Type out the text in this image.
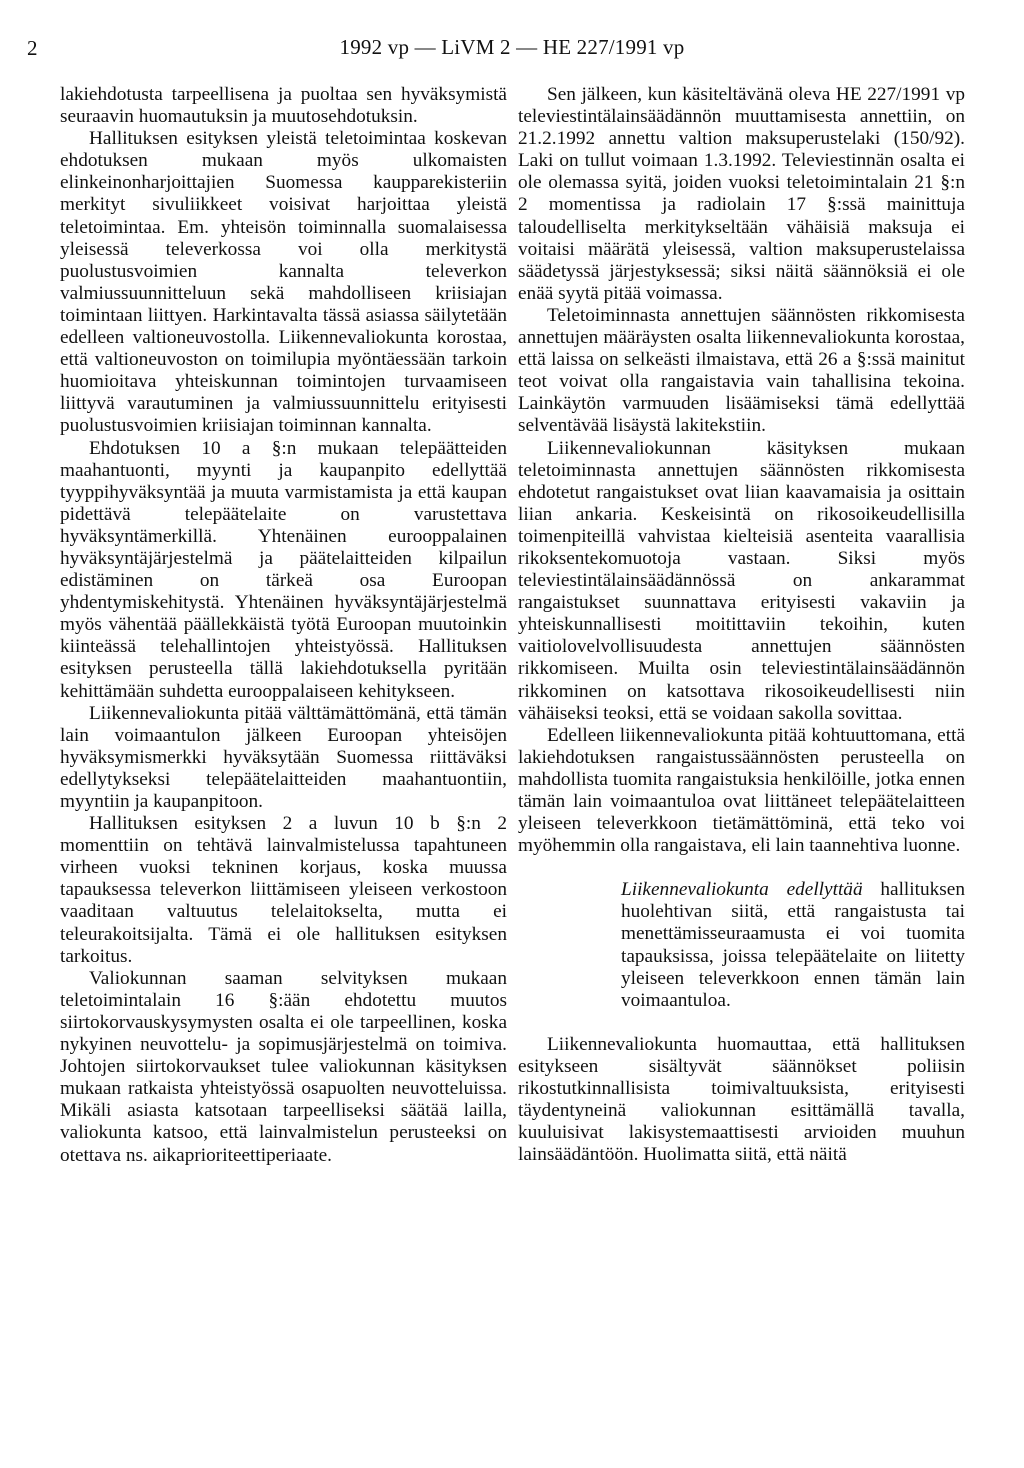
2	1992 vp — LiVM 2 — HE 227/1991 vp

lakiehdotusta tarpeellisena ja puoltaa sen hyväksymistä seuraavin huomautuksin ja muutosehdotuksin.

Hallituksen esityksen yleistä teletoimintaa koskevan ehdotuksen mukaan myös ulkomaisten elinkeinonharjoittajien Suomessa kaupparekisteriin merkityt sivuliikkeet voisivat harjoittaa yleistä teletoimintaa. Em. yhteisön toiminnalla suomalaisessa yleisessä televerkossa voi olla merkitystä puolustusvoimien kannalta televerkon valmiussuunnitteluun sekä mahdolliseen kriisiajan toimintaan liittyen. Harkintavalta tässä asiassa säilytetään edelleen valtioneuvostolla. Liikennevaliokunta korostaa, että valtioneuvoston on toimilupia myöntäessään tarkoin huomioitava yhteiskunnan toimintojen turvaamiseen liittyvä varautuminen ja valmiussuunnittelu erityisesti puolustusvoimien kriisiajan toiminnan kannalta.

Ehdotuksen 10 a §:n mukaan telepäätteiden maahantuonti, myynti ja kaupanpito edellyttää tyyppihyväksyntää ja muuta varmistamista ja että kaupan pidettävä telepäätelaite on varustettava hyväksyntämerkillä. Yhtenäinen eurooppalainen hyväksyntäjärjestelmä ja päätelaitteiden kilpailun edistäminen on tärkeä osa Euroopan yhdentymiskehitystä. Yhtenäinen hyväksyntäjärjestelmä myös vähentää päällekkäistä työtä Euroopan muutoinkin kiinteässä telehallintojen yhteistyössä. Hallituksen esityksen perusteella tällä lakiehdotuksella pyritään kehittämään suhdetta eurooppalaiseen kehitykseen.

Liikennevaliokunta pitää välttämättömänä, että tämän lain voimaantulon jälkeen Euroopan yhteisöjen hyväksymismerkki hyväksytään Suomessa riittäväksi edellytykseksi telepäätelaitteiden maahantuontiin, myyntiin ja kaupanpitoon.

Hallituksen esityksen 2 a luvun 10 b §:n 2 momenttiin on tehtävä lainvalmistelussa tapahtuneen virheen vuoksi tekninen korjaus, koska muussa tapauksessa televerkon liittämiseen yleiseen verkostoon vaaditaan valtuutus telelaitokselta, mutta ei teleurakoitsijalta. Tämä ei ole hallituksen esityksen tarkoitus.

Valiokunnan saaman selvityksen mukaan teletoimintalain 16 §:ään ehdotettu muutos siirtokorvauskysymysten osalta ei ole tarpeellinen, koska nykyinen neuvottelu- ja sopimusjärjestelmä on toimiva. Johtojen siirtokorvaukset tulee valiokunnan käsityksen mukaan ratkaista yhteistyössä osapuolten neuvotteluissa. Mikäli asiasta katsotaan tarpeelliseksi säätää lailla, valiokunta katsoo, että lainvalmistelun perusteeksi on otettava ns. aikaprioriteettiperiaate.

Sen jälkeen, kun käsiteltävänä oleva HE 227/1991 vp televiestintälainsäädännön muuttamisesta annettiin, on 21.2.1992 annettu valtion maksuperustelaki (150/92). Laki on tullut voimaan 1.3.1992. Televiestinnän osalta ei ole olemassa syitä, joiden vuoksi teletoimintalain 21 §:n 2 momentissa ja radiolain 17 §:ssä mainittuja taloudelliselta merkitykseltään vähäisiä maksuja ei voitaisi määrätä yleisessä, valtion maksuperustelaissa säädetyssä järjestyksessä; siksi näitä säännöksiä ei ole enää syytä pitää voimassa.

Teletoiminnasta annettujen säännösten rikkomisesta annettujen määräysten osalta liikennevaliokunta korostaa, että laissa on selkeästi ilmaistava, että 26 a §:ssä mainitut teot voivat olla rangaistavia vain tahallisina tekoina. Lainkäytön varmuuden lisäämiseksi tämä edellyttää selventävää lisäystä lakitekstiin.

Liikennevaliokunnan käsityksen mukaan teletoiminnasta annettujen säännösten rikkomisesta ehdotetut rangaistukset ovat liian kaavamaisia ja osittain liian ankaria. Keskeisintä on rikosoikeudellisilla toimenpiteillä vahvistaa kielteisiä asenteita vaarallisia rikoksentekomuotoja vastaan. Siksi myös televiestintälainsäädännössä on ankarammat rangaistukset suunnattava erityisesti vakaviin ja yhteiskunnallisesti moitittaviin tekoihin, kuten vaitiolovelvollisuudesta annettujen säännösten rikkomiseen. Muilta osin televiestintälainsäädännön rikkominen on katsottava rikosoikeudellisesti niin vähäiseksi teoksi, että se voidaan sakolla sovittaa.

Edelleen liikennevaliokunta pitää kohtuuttomana, että lakiehdotuksen rangaistussäännösten perusteella on mahdollista tuomita rangaistuksia henkilöille, jotka ennen tämän lain voimaantuloa ovat liittäneet telepäätelaitteen yleiseen televerkkoon tietämättöminä, että teko voi myöhemmin olla rangaistava, eli lain taannehtiva luonne.

Liikennevaliokunta edellyttää hallituksen huolehtivan siitä, että rangaistusta tai menettämisseuraamusta ei voi tuomita tapauksissa, joissa telepäätelaite on liitetty yleiseen televerkkoon ennen tämän lain voimaantuloa.

Liikennevaliokunta huomauttaa, että hallituksen esitykseen sisältyvät säännökset poliisin rikostutkinnallisista toimivaltuuksista, erityisesti täydentyneinä valiokunnan esittämällä tavalla, kuuluisivat lakisystemaattisesti arvioiden muuhun lainsäädäntöön. Huolimatta siitä, että näitä
